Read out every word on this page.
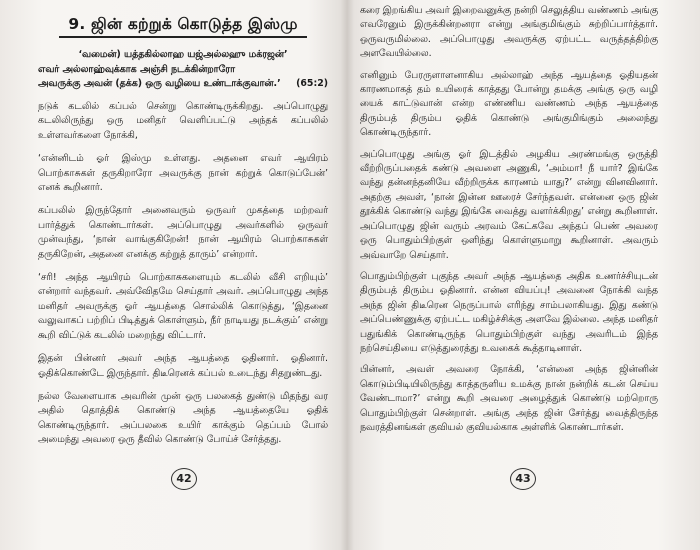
9. ஜின் கற்றுக் கொடுத்த இஸ்மு

‘வமைன்) யத்தகில்லாஹ யஜ்அல்லஹு மக்ரஜன்’

எவர் அல்லாஹ்வுக்காக அஞ்சி நடக்கின்றாரோ
அவருக்கு அவன் (தக்க) ஒரு வழியை உண்டாக்குவான்.’	(65:2)

நடுக் கடலில் கப்பல் சென்று கொண்டிருக்கிறது. அப்பொழுது கடலிலிருந்து ஒரு மனிதர் வெளிப்பட்டு அந்தக் கப்பலில் உள்ளவர்களை நோக்கி,

‘என்னிடம் ஓர் இஸ்மு உள்ளது. அதனை எவர் ஆயிரம் பொற்காசுகள் தருகிறாரோ அவருக்கு நான் கற்றுக் கொடுப்பேன்’ எனக் கூறினார்.

கப்பலில் இருந்தோர் அனைவரும் ஒருவர் முகத்தை மற்றவர் பார்த்துக் கொண்டார்கள். அப்பொழுது அவர்களில் ஒருவர் முன்வந்து, ‘நான் வாங்குகிறேன்! நான் ஆயிரம் பொற்காசுகள் தருகிறேன், அதனை எனக்கு கற்றுத் தாரும்’ என்றார்.

‘சரி! அந்த ஆயிரம் பொற்காசுகளையும் கடலில் வீசி எறியும்’ என்றார் வந்தவர். அவ்வேிதமே செய்தார் அவர். அப்பொழுது அந்த மனிதர் அவருக்கு ஓர் ஆயத்தை சொல்லிக் கொடுத்து, ‘இதனை வலுவாகப் பற்றிப் பிடித்துக் கொள்ளும், நீர் நாடியது நடக்கும்’ என்று கூறி விட்டுக் கடலில் மறைந்து விட்டார்.

இதன் பின்னர் அவர் அந்த ஆயத்தை ஓதினார். ஓதினார். ஓதிக்கொண்டே இருந்தார். திடீரெனக் கப்பல் உடைந்து சிதறுண்டது.

நல்ல வேளையாக அவரின் முன் ஒரு பலகைத் துண்டு மிதந்து வர அதில் தொத்திக் கொண்டு அந்த ஆயத்தையே ஓதிக் கொண்டிருந்தார். அப்பலகை உயிர் காக்கும் தெப்பம் போல் அமைந்து அவரை ஒரு தீவில் கொண்டு போய்ச் சேர்த்தது.

42

கரை இறங்கிய அவர் இறைவனுக்கு நன்றி செலுத்திய வண்ணம் அங்கு எவரேனும் இருக்கின்றனரா என்று அங்குமிங்கும் சுற்றிப்பார்த்தார். ஒருவருமில்லை. அப்பொழுது அவருக்கு ஏற்பட்ட வருத்தத்திற்கு அளவேயில்லை.

எனினும் பேரருளாளனாகிய அல்லாஹ் அந்த ஆயத்தை ஓதியதன் காரணமாகத் தம் உயிரைக் காத்தது போன்று தமக்கு அங்கு ஒரு வழி யைக் காட்டுவான் என்ற எண்ணிய வண்ணம் அந்த ஆயத்தை திரும்பத் திரும்ப ஓதிக் கொண்டு அங்குமிங்கும் அலைந்து கொண்டிருந்தார்.

அப்பொழுது அங்கு ஓர் இடத்தில் அழகிய அரண்மங்கு ஒருத்தி வீற்றிருப்பதைக் கண்டு அவளை அணுகி, ‘அம்மா! நீ யார்? இங்கே வந்து தன்னந்தனியே வீற்றிருக்க காரணம் யாது?’ என்று வினவினார். அதற்கு அவள், ‘நான் இன்ன ஊரைச் சேர்ந்தவள். என்னை ஒரு ஜின் தூக்கிக் கொண்டு வந்து இங்கே வைத்து வளர்க்கிறது’ என்று கூறினாள். அப்பொழுது ஜின் வரும் அரவம் கேட்கவே அந்தப் பெண் அவரை ஒரு பொதும்பிற்குள் ஒளிந்து கொள்ளுமாறு கூறினாள். அவரும் அவ்வாறே செய்தார்.

பொதும்பிற்குள் புகுந்த அவர் அந்த ஆயத்தை அதிக உணர்ச்சியுடன் திரும்பத் திரும்ப ஓதினார். என்ன வியப்பு! அவனை நோக்கி வந்த அந்த ஜின் திடீரென நெருப்பால் எரிந்து சாம்பலாகியது. இது கண்டு அப்பெண்ணுக்கு ஏற்பட்ட மகிழ்ச்சிக்கு அளவே இல்லை. அந்த மனிதர் பதுங்கிக் கொண்டிருந்த பொதும்பிற்குள் வந்து அவரிடம் இந்த நற்செய்தியை எடுத்துரைத்து உவகைக் கூத்தாடினாள்.

பின்னர், அவள் அவரை நோக்கி, ‘என்னை அந்த ஜின்னின் கொடும்பிடியிலிருந்து காத்தருளிய உமக்கு நான் நன்றிக் கடன் செய்ய வேண்டாமா?’ என்று கூறி அவரை அழைத்துக் கொண்டு மற்றொரு பொதும்பிற்குள் சென்றாள். அங்கு அந்த ஜின் சேர்த்து வைத்திருந்த நவரத்தினங்கள் குவியல் குவியல்காக அள்ளிக் கொண்டார்கள்.

43
